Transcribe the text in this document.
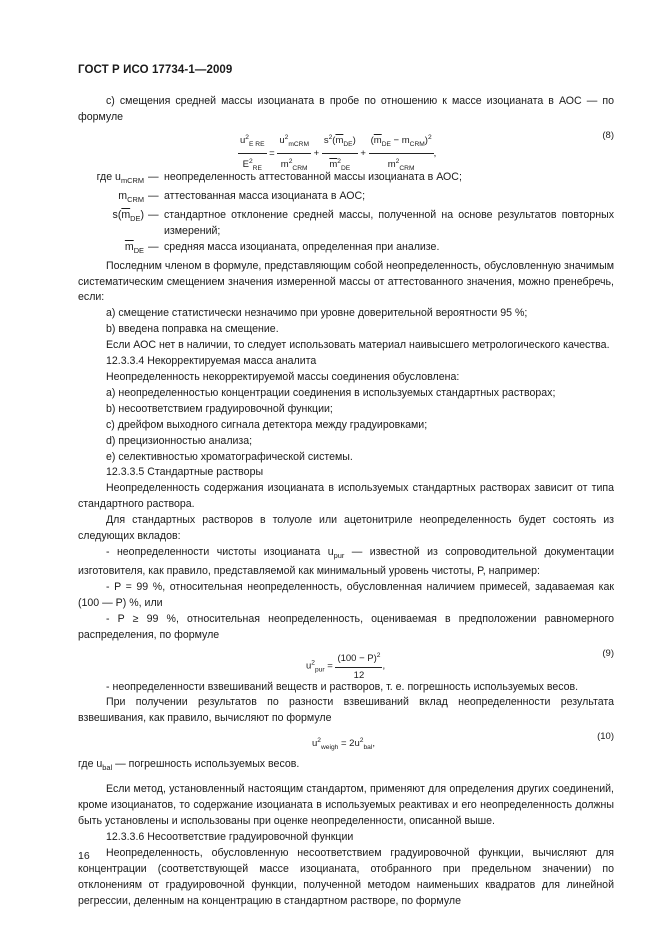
ГОСТ Р ИСО 17734-1—2009

c) смещения средней массы изоцианата в пробе по отношению к массе изоцианата в АОС — по формуле

$\frac{u^2_{E RE}}{E^2_{RE}} = \frac{u^2_{mCRM}}{m^2_{CRM}} + \frac{s^2(\overline{m}_{DE})}{\overline{m}^2_{DE}} + \frac{(\overline{m}_{DE} - m_{CRM})^2}{m^2_{CRM}}$ ,
(8)
где $u_{mCRM}$ — неопределенность аттестованной массы изоцианата в АОС;
$m_{CRM}$ — аттестованная масса изоцианата в АОС;
$s(\overline{m}_{DE})$ — стандартное отклонение средней массы, полученной на основе результатов повторных измерений;
$\overline{m}_{DE}$ — средняя масса изоцианата, определенная при анализе.

Последним членом в формуле, представляющим собой неопределенность, обусловленную значимым систематическим смещением значения измеренной массы от аттестованного значения, можно пренебречь, если:

a) смещение статистически незначимо при уровне доверительной вероятности 95 %;

b) введена поправка на смещение.

Если АОС нет в наличии, то следует использовать материал наивысшего метрологического качества.

12.3.3.4 Некорректируемая масса аналита

Неопределенность некорректируемой массы соединения обусловлена:

a) неопределенностью концентрации соединения в используемых стандартных растворах;

b) несоответствием градуировочной функции;

c) дрейфом выходного сигнала детектора между градуировками;

d) прецизионностью анализа;

e) селективностью хроматографической системы.

12.3.3.5 Стандартные растворы

Неопределенность содержания изоцианата в используемых стандартных растворах зависит от типа стандартного раствора.

Для стандартных растворов в толуоле или ацетонитриле неопределенность будет состоять из следующих вкладов:

- неопределенности чистоты изоцианата $u_{pur}$ — известной из сопроводительной документации изготовителя, как правило, представляемой как минимальный уровень чистоты, P, например:

- P = 99 %, относительная неопределенность, обусловленная наличием примесей, задаваемая как (100 — P) %, или

- P ≥ 99 %, относительная неопределенность, оцениваемая в предположении равномерного распределения, по формуле

$u^2_{pur} = \frac{(100 - P)^2}{12}$ ,
(9)

- неопределенности взвешиваний веществ и растворов, т. е. погрешность используемых весов.

При получении результатов по разности взвешиваний вклад неопределенности результата взвешивания, как правило, вычисляют по формуле

$u^2_{weigh} = 2u^2_{bal}$,
(10)

где $u_{bal}$ — погрешность используемых весов.

Если метод, установленный настоящим стандартом, применяют для определения других соединений, кроме изоцианатов, то содержание изоцианата в используемых реактивах и его неопределенность должны быть установлены и использованы при оценке неопределенности, описанной выше.

12.3.3.6 Несоответствие градуировочной функции

Неопределенность, обусловленную несоответствием градуировочной функции, вычисляют для концентрации (соответствующей массе изоцианата, отобранного при предельном значении) по отклонениям от градуировочной функции, полученной методом наименьших квадратов для линейной регрессии, деленным на концентрацию в стандартном растворе, по формуле

16
